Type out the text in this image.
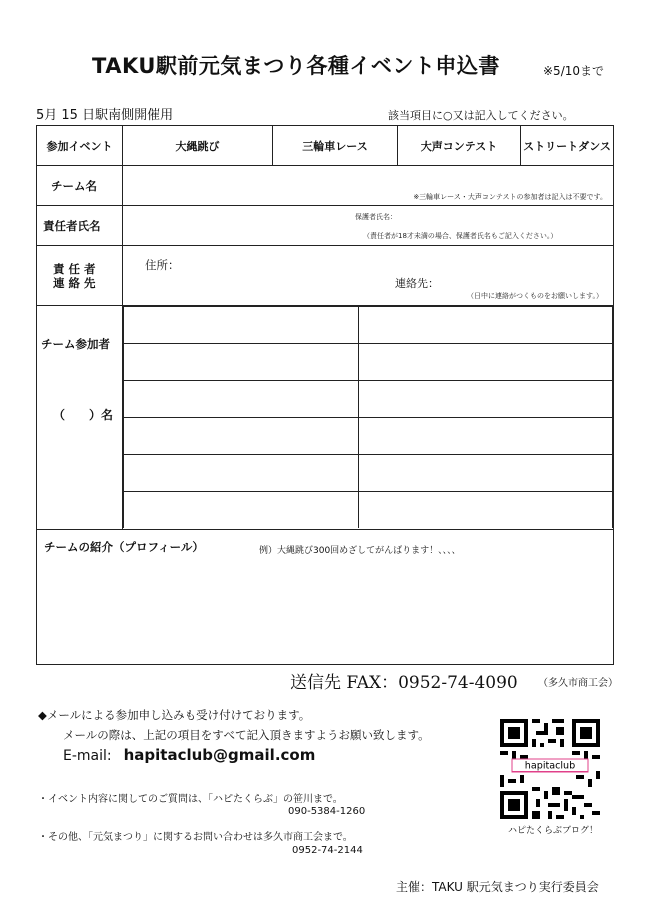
TAKU駅前元気まつり各種イベント申込書	※5/10まで
5月 15 日駅南側開催用	該当項目に○又は記入してください。
参加イベント	大縄跳び	三輪車レース	大声コンテスト	ストリートダンス

チーム名

※三輪車レース・大声コンテストの参加者は記入は不要です。

責任者氏名

保護者氏名：
（責任者が18才未満の場合、保護者氏名もご記入ください。）

責 任 者
連 絡 先

住所：
連絡先：
（日中に連絡がつくものをお願いします。）

チーム参加者
（　　）名

チームの紹介（プロフィール）	例）大縄跳び300回めざしてがんばります！、、、、
送信先 FAX：0952-74-4090 （多久市商工会）
◆メールによる参加申し込みも受け付けております。
メールの際は、上記の項目をすべて記入頂きますようお願い致します。
E-mail: hapitaclub@gmail.com
・イベント内容に関してのご質問は、「ハピたくらぶ」の笹川まで。
090-5384-1260
・その他、「元気まつり」に関するお問い合わせは多久市商工会まで。
0952-74-2144
hapitaclub
ハピたくらぶブログ！
主催：TAKU 駅元気まつり実行委員会
